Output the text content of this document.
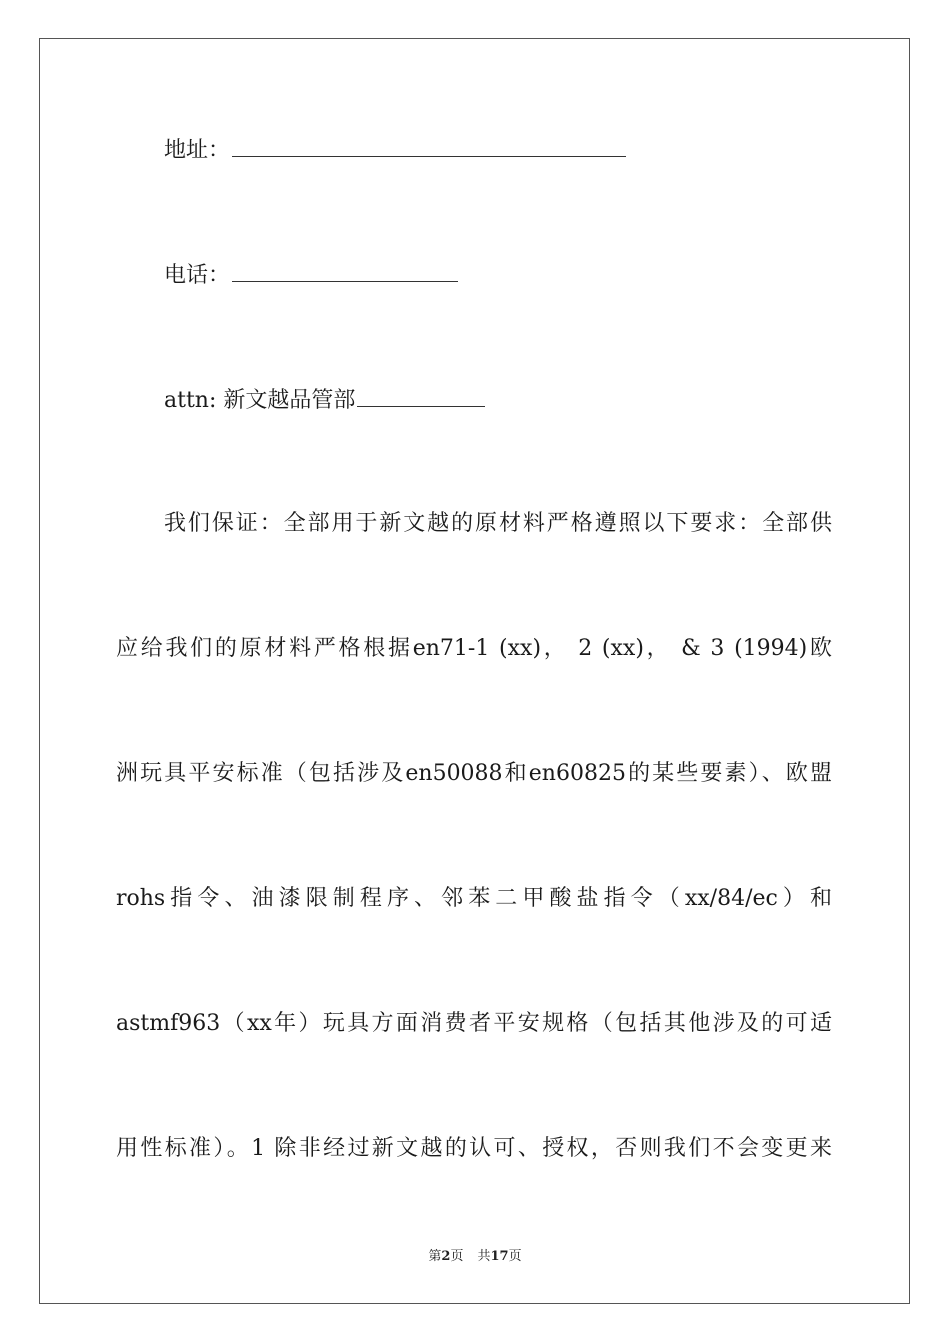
地址：
电话：
attn: 新文越品管部
我们保证：全部用于新文越的原材料严格遵照以下要求：全部供
应给我们的原材料严格根据en71-1 (xx)， 2 (xx)， & 3 (1994)欧
洲玩具平安标准（包括涉及en50088和en60825的某些要素）、欧盟
rohs指令、油漆限制程序、邻苯二甲酸盐指令（xx/84/ec）和
astmf963（xx年）玩具方面消费者平安规格（包括其他涉及的可适
用性标准）。1 除非经过新文越的认可、授权，否则我们不会变更来
第2页 共17页
